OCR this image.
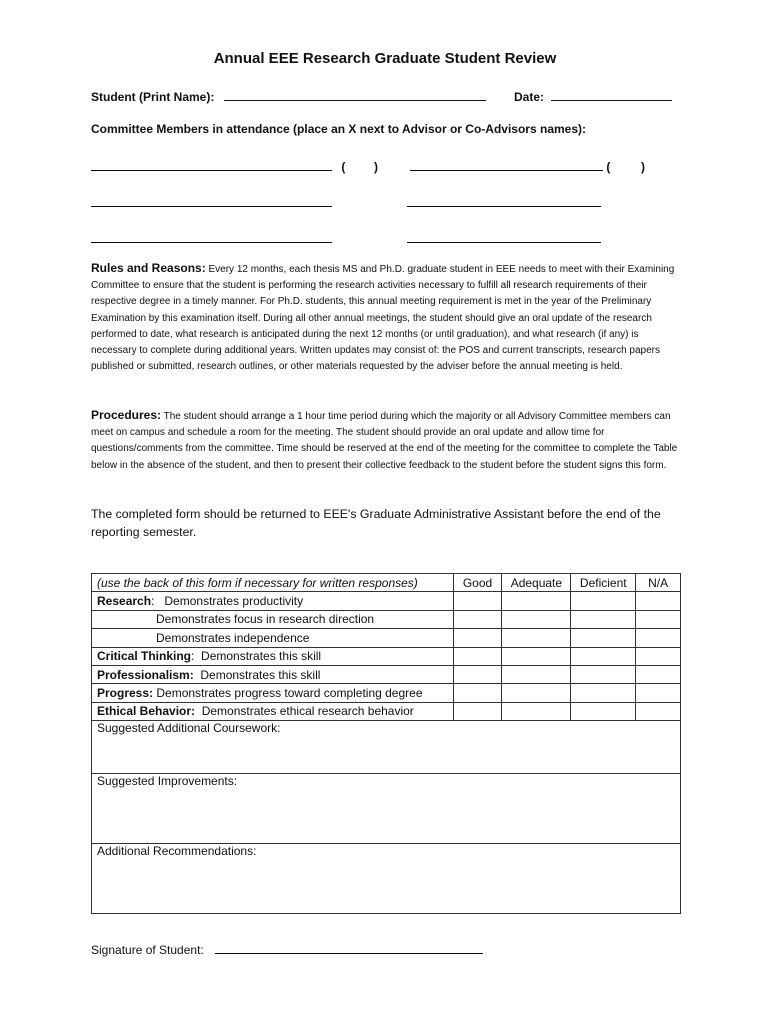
Annual EEE Research Graduate Student Review
Student (Print Name):	Date:
Committee Members in attendance (place an X next to Advisor or Co-Advisors names):
( )	(	)
Rules and Reasons: Every 12 months, each thesis MS and Ph.D. graduate student in EEE needs to meet with their Examining Committee to ensure that the student is performing the research activities necessary to fulfill all research requirements of their respective degree in a timely manner. For Ph.D. students, this annual meeting requirement is met in the year of the Preliminary Examination by this examination itself. During all other annual meetings, the student should give an oral update of the research performed to date, what research is anticipated during the next 12 months (or until graduation), and what research (if any) is necessary to complete during additional years. Written updates may consist of: the POS and current transcripts, research papers published or submitted, research outlines, or other materials requested by the adviser before the annual meeting is held.
Procedures: The student should arrange a 1 hour time period during which the majority or all Advisory Committee members can meet on campus and schedule a room for the meeting. The student should provide an oral update and allow time for questions/comments from the committee. Time should be reserved at the end of the meeting for the committee to complete the Table below in the absence of the student, and then to present their collective feedback to the student before the student signs this form.
The completed form should be returned to EEE's Graduate Administrative Assistant before the end of the reporting semester.
(use the back of this form if necessary for written responses)	Good	Adequate	Deficient	N/A
Research:   Demonstrates productivity				
Demonstrates focus in research direction				
Demonstrates independence				
Critical Thinking:  Demonstrates this skill				
Professionalism:  Demonstrates this skill				
Progress: Demonstrates progress toward completing degree				
Ethical Behavior:  Demonstrates ethical research behavior				
Suggested Additional Coursework:				
Suggested Improvements:				
Additional Recommendations:				
Signature of Student:
